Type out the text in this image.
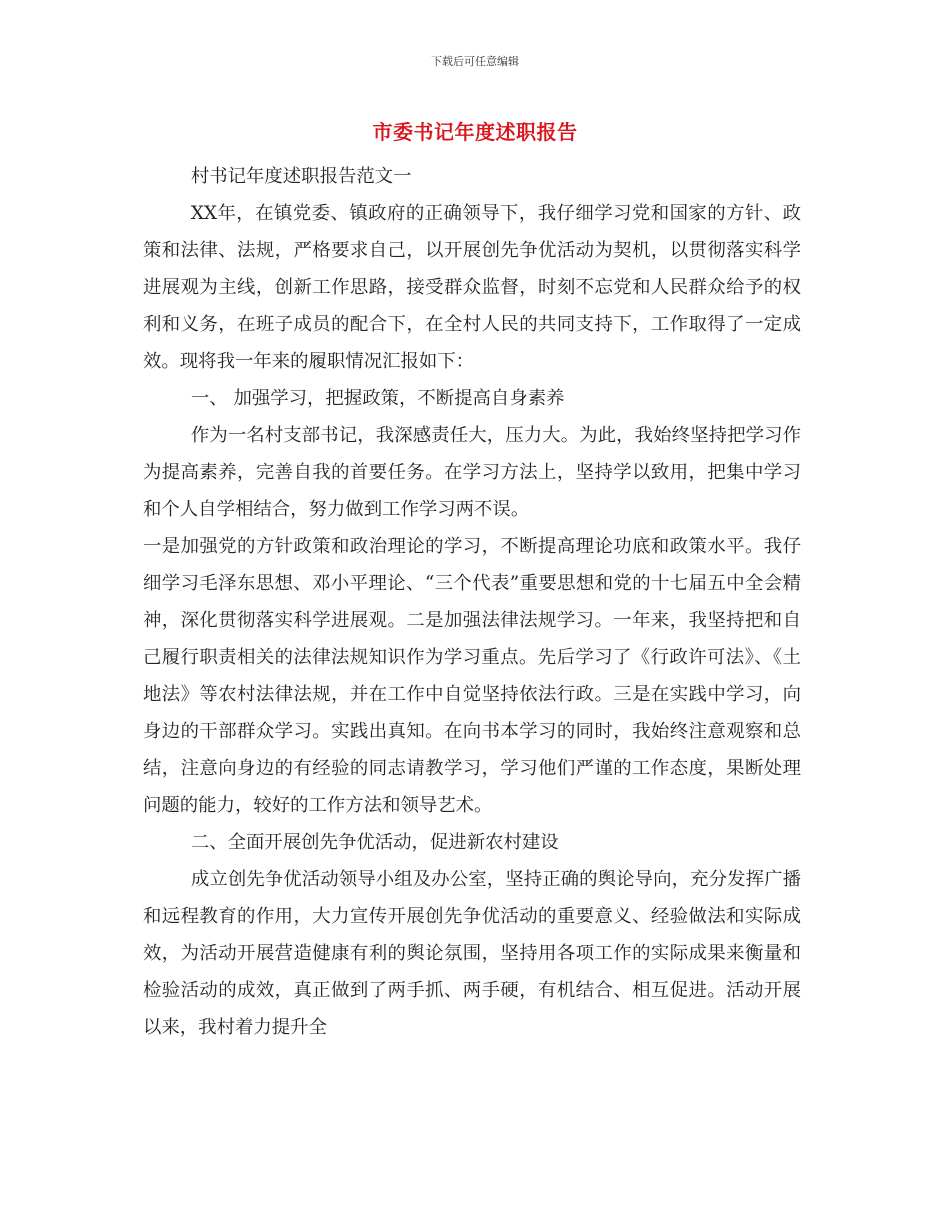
下载后可任意编辑
市委书记年度述职报告

村书记年度述职报告范文一

XX年，在镇党委、镇政府的正确领导下，我仔细学习党和国家的方针、政策和法律、法规，严格要求自己，以开展创先争优活动为契机，以贯彻落实科学进展观为主线，创新工作思路，接受群众监督，时刻不忘党和人民群众给予的权利和义务，在班子成员的配合下，在全村人民的共同支持下，工作取得了一定成效。现将我一年来的履职情况汇报如下：

一、 加强学习，把握政策，不断提高自身素养

作为一名村支部书记，我深感责任大，压力大。为此，我始终坚持把学习作为提高素养，完善自我的首要任务。在学习方法上，坚持学以致用，把集中学习和个人自学相结合，努力做到工作学习两不误。

一是加强党的方针政策和政治理论的学习，不断提高理论功底和政策水平。我仔细学习毛泽东思想、邓小平理论、“三个代表”重要思想和党的十七届五中全会精神，深化贯彻落实科学进展观。二是加强法律法规学习。一年来，我坚持把和自己履行职责相关的法律法规知识作为学习重点。先后学习了《行政许可法》、《土地法》等农村法律法规，并在工作中自觉坚持依法行政。三是在实践中学习，向身边的干部群众学习。实践出真知。在向书本学习的同时，我始终注意观察和总结，注意向身边的有经验的同志请教学习，学习他们严谨的工作态度，果断处理问题的能力，较好的工作方法和领导艺术。

二、全面开展创先争优活动，促进新农村建设

成立创先争优活动领导小组及办公室，坚持正确的舆论导向，充分发挥广播和远程教育的作用，大力宣传开展创先争优活动的重要意义、经验做法和实际成效，为活动开展营造健康有利的舆论氛围，坚持用各项工作的实际成果来衡量和检验活动的成效，真正做到了两手抓、两手硬，有机结合、相互促进。活动开展以来，我村着力提升全
